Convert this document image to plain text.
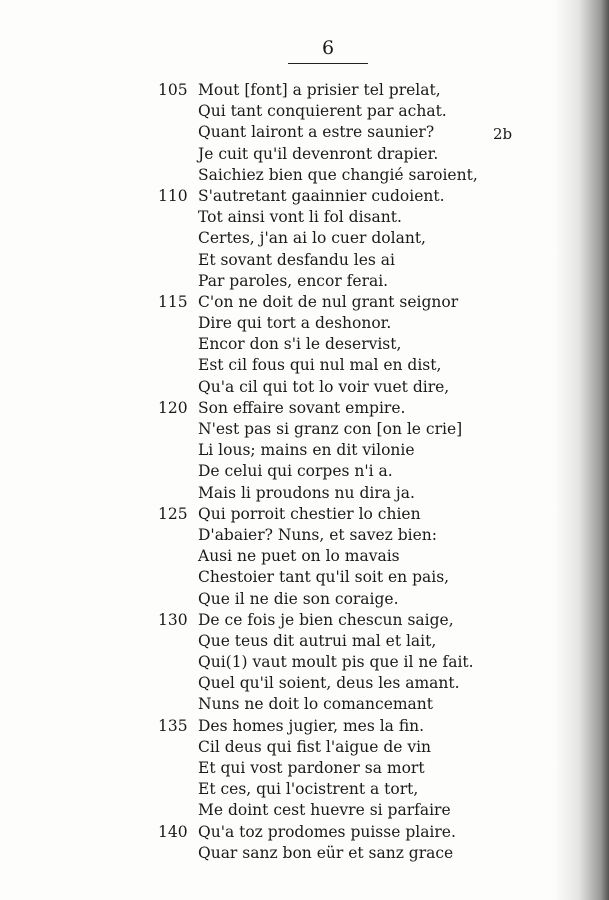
6
2b
105 Mout [font] a prisier tel prelat,
Qui tant conquierent par achat.
Quant lairont a estre saunier?
Je cuit qu'il devenront drapier.
Saichiez bien que changié saroient,
110 S'autretant gaainnier cudoient.
Tot ainsi vont li fol disant.
Certes, j'an ai lo cuer dolant,
Et sovant desfandu les ai
Par paroles, encor ferai.
115 C'on ne doit de nul grant seignor
Dire qui tort a deshonor.
Encor don s'i le deservist,
Est cil fous qui nul mal en dist,
Qu'a cil qui tot lo voir vuet dire,
120 Son effaire sovant empire.
N'est pas si granz con [on le crie]
Li lous; mains en dit vilonie
De celui qui corpes n'i a.
Mais li proudons nu dira ja.
125 Qui porroit chestier lo chien
D'abaier? Nuns, et savez bien:
Ausi ne puet on lo mavais
Chestoier tant qu'il soit en pais,
Que il ne die son coraige.
130 De ce fois je bien chescun saige,
Que teus dit autrui mal et lait,
Qui(1) vaut moult pis que il ne fait.
Quel qu'il soient, deus les amant.
Nuns ne doit lo comancemant
135 Des homes jugier, mes la fin.
Cil deus qui fist l'aigue de vin
Et qui vost pardoner sa mort
Et ces, qui l'ocistrent a tort,
Me doint cest huevre si parfaire
140 Qu'a toz prodomes puisse plaire.
Quar sanz bon eür et sanz grace
